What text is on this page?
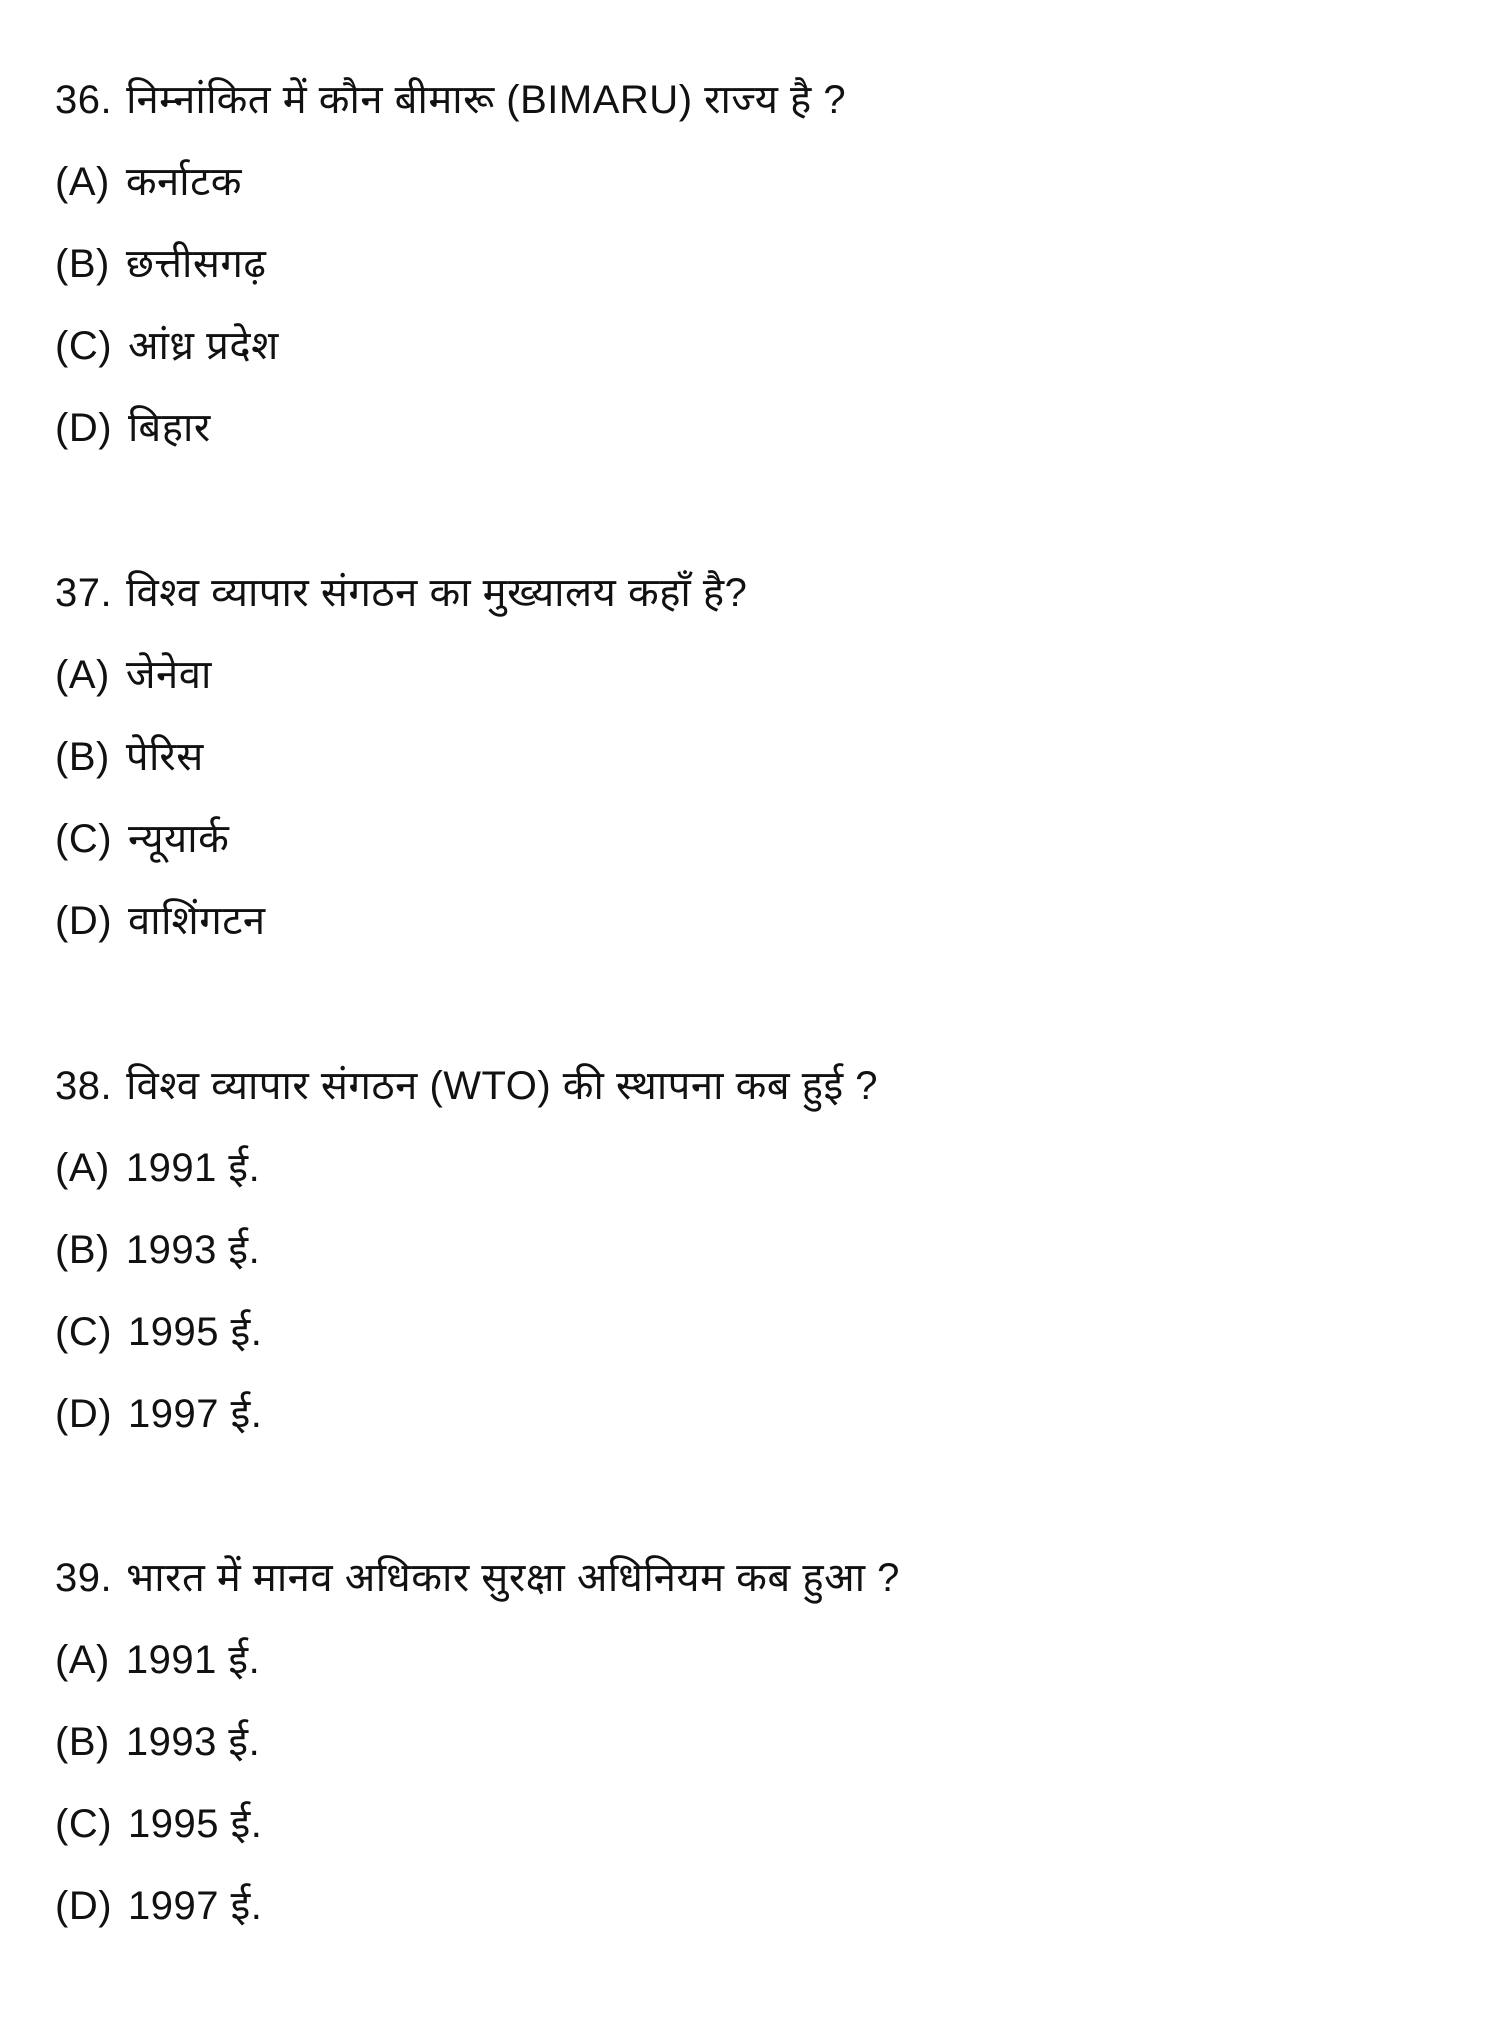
36. निम्नांकित में कौन बीमारू (BIMARU) राज्य है ?
(A) कर्नाटक
(B) छत्तीसगढ़
(C) आंध्र प्रदेश
(D) बिहार
37. विश्व व्यापार संगठन का मुख्यालय कहाँ है?
(A) जेनेवा
(B) पेरिस
(C) न्यूयार्क
(D) वाशिंगटन
38. विश्व व्यापार संगठन (WTO) की स्थापना कब हुई ?
(A) 1991 ई.
(B) 1993 ई.
(C) 1995 ई.
(D) 1997 ई.
39. भारत में मानव अधिकार सुरक्षा अधिनियम कब हुआ ?
(A) 1991 ई.
(B) 1993 ई.
(C) 1995 ई.
(D) 1997 ई.
